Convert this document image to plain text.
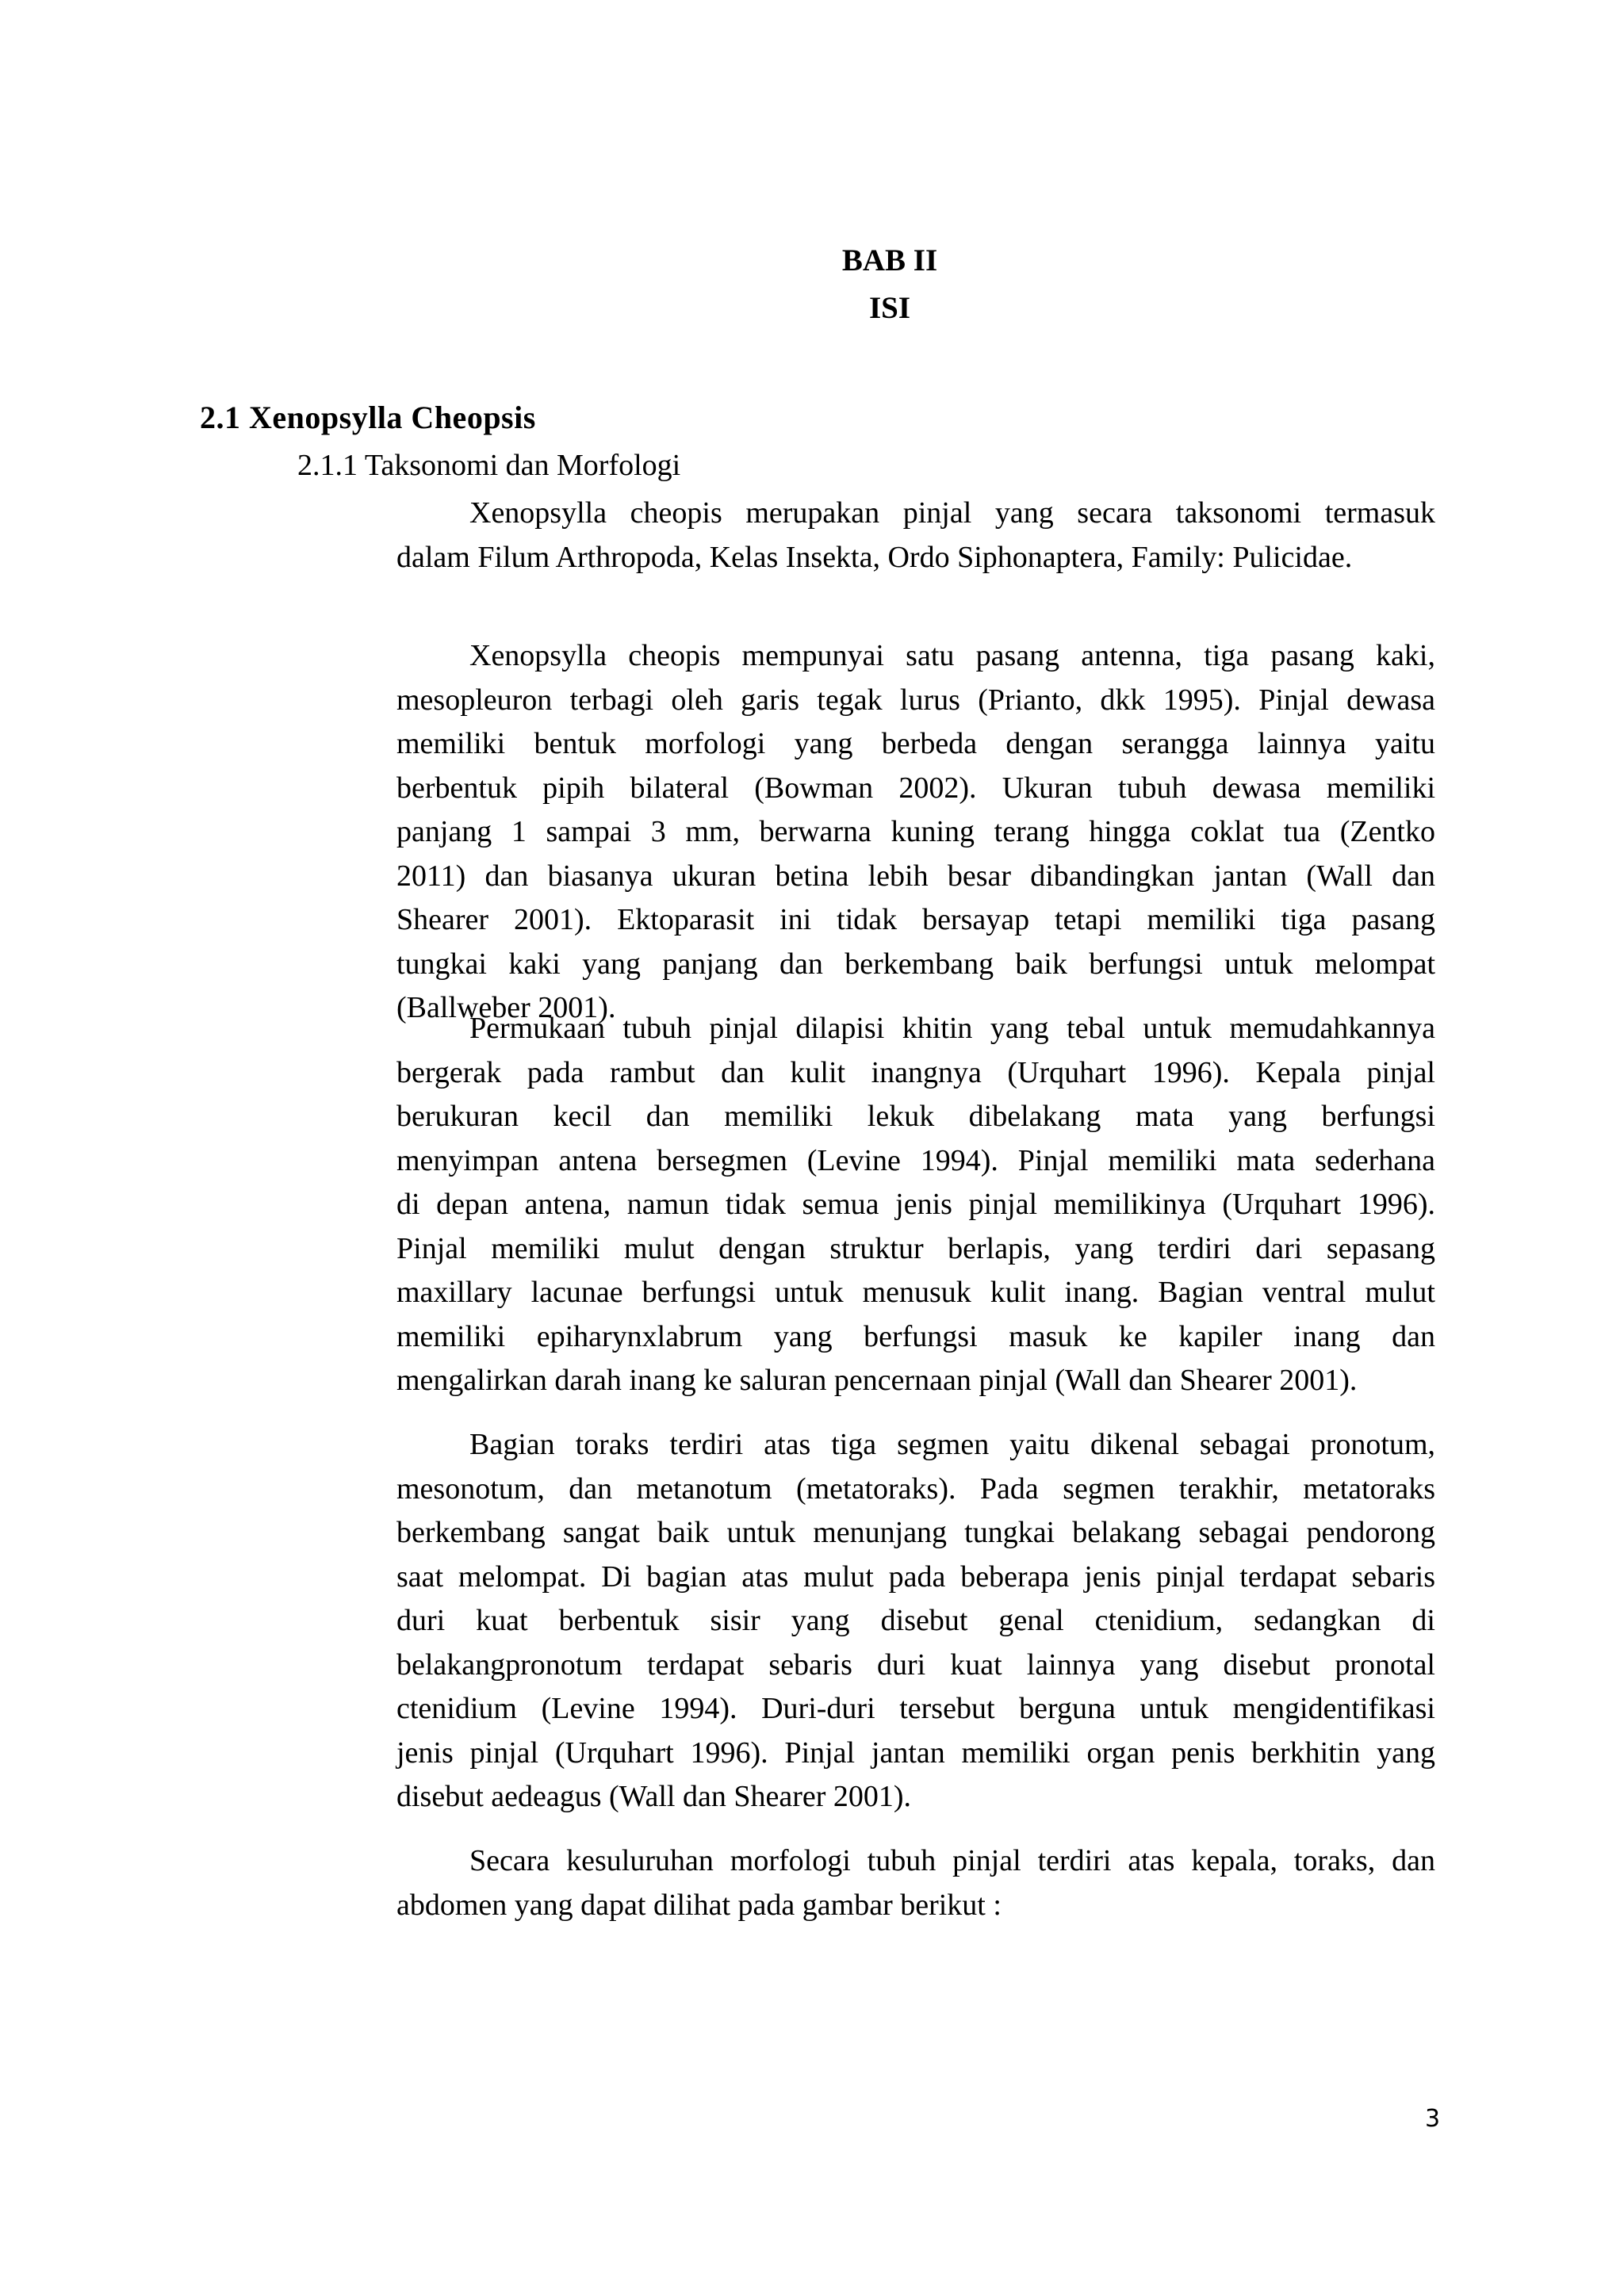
BAB II
ISI
2.1 Xenopsylla Cheopsis
2.1.1 Taksonomi dan Morfologi
Xenopsylla cheopis merupakan pinjal yang secara taksonomi termasuk
dalam Filum Arthropoda, Kelas Insekta, Ordo Siphonaptera, Family: Pulicidae.
Xenopsylla cheopis mempunyai satu pasang antenna, tiga pasang kaki,
mesopleuron terbagi oleh garis tegak lurus (Prianto, dkk 1995). Pinjal dewasa
memiliki bentuk morfologi yang berbeda dengan serangga lainnya yaitu
berbentuk pipih bilateral (Bowman 2002). Ukuran tubuh dewasa memiliki
panjang 1 sampai 3 mm, berwarna kuning terang hingga coklat tua (Zentko
2011) dan biasanya ukuran betina lebih besar dibandingkan jantan (Wall dan
Shearer 2001). Ektoparasit ini tidak bersayap tetapi memiliki tiga pasang
tungkai kaki yang panjang dan berkembang baik berfungsi untuk melompat
(Ballweber 2001).
Permukaan tubuh pinjal dilapisi khitin yang tebal untuk memudahkannya
bergerak pada rambut dan kulit inangnya (Urquhart 1996). Kepala pinjal
berukuran kecil dan memiliki lekuk dibelakang mata yang berfungsi
menyimpan antena bersegmen (Levine 1994). Pinjal memiliki mata sederhana
di depan antena, namun tidak semua jenis pinjal memilikinya (Urquhart 1996).
Pinjal memiliki mulut dengan struktur berlapis, yang terdiri dari sepasang
maxillary lacunae berfungsi untuk menusuk kulit inang. Bagian ventral mulut
memiliki epiharynxlabrum yang berfungsi masuk ke kapiler inang dan
mengalirkan darah inang ke saluran pencernaan pinjal (Wall dan Shearer 2001).
Bagian toraks terdiri atas tiga segmen yaitu dikenal sebagai pronotum,
mesonotum, dan metanotum (metatoraks). Pada segmen terakhir, metatoraks
berkembang sangat baik untuk menunjang tungkai belakang sebagai pendorong
saat melompat. Di bagian atas mulut pada beberapa jenis pinjal terdapat sebaris
duri kuat berbentuk sisir yang disebut genal ctenidium, sedangkan di
belakangpronotum terdapat sebaris duri kuat lainnya yang disebut pronotal
ctenidium (Levine 1994). Duri-duri tersebut berguna untuk mengidentifikasi
jenis pinjal (Urquhart 1996). Pinjal jantan memiliki organ penis berkhitin yang
disebut aedeagus (Wall dan Shearer 2001).
Secara kesuluruhan morfologi tubuh pinjal terdiri atas kepala, toraks, dan
abdomen yang dapat dilihat pada gambar berikut :
3
